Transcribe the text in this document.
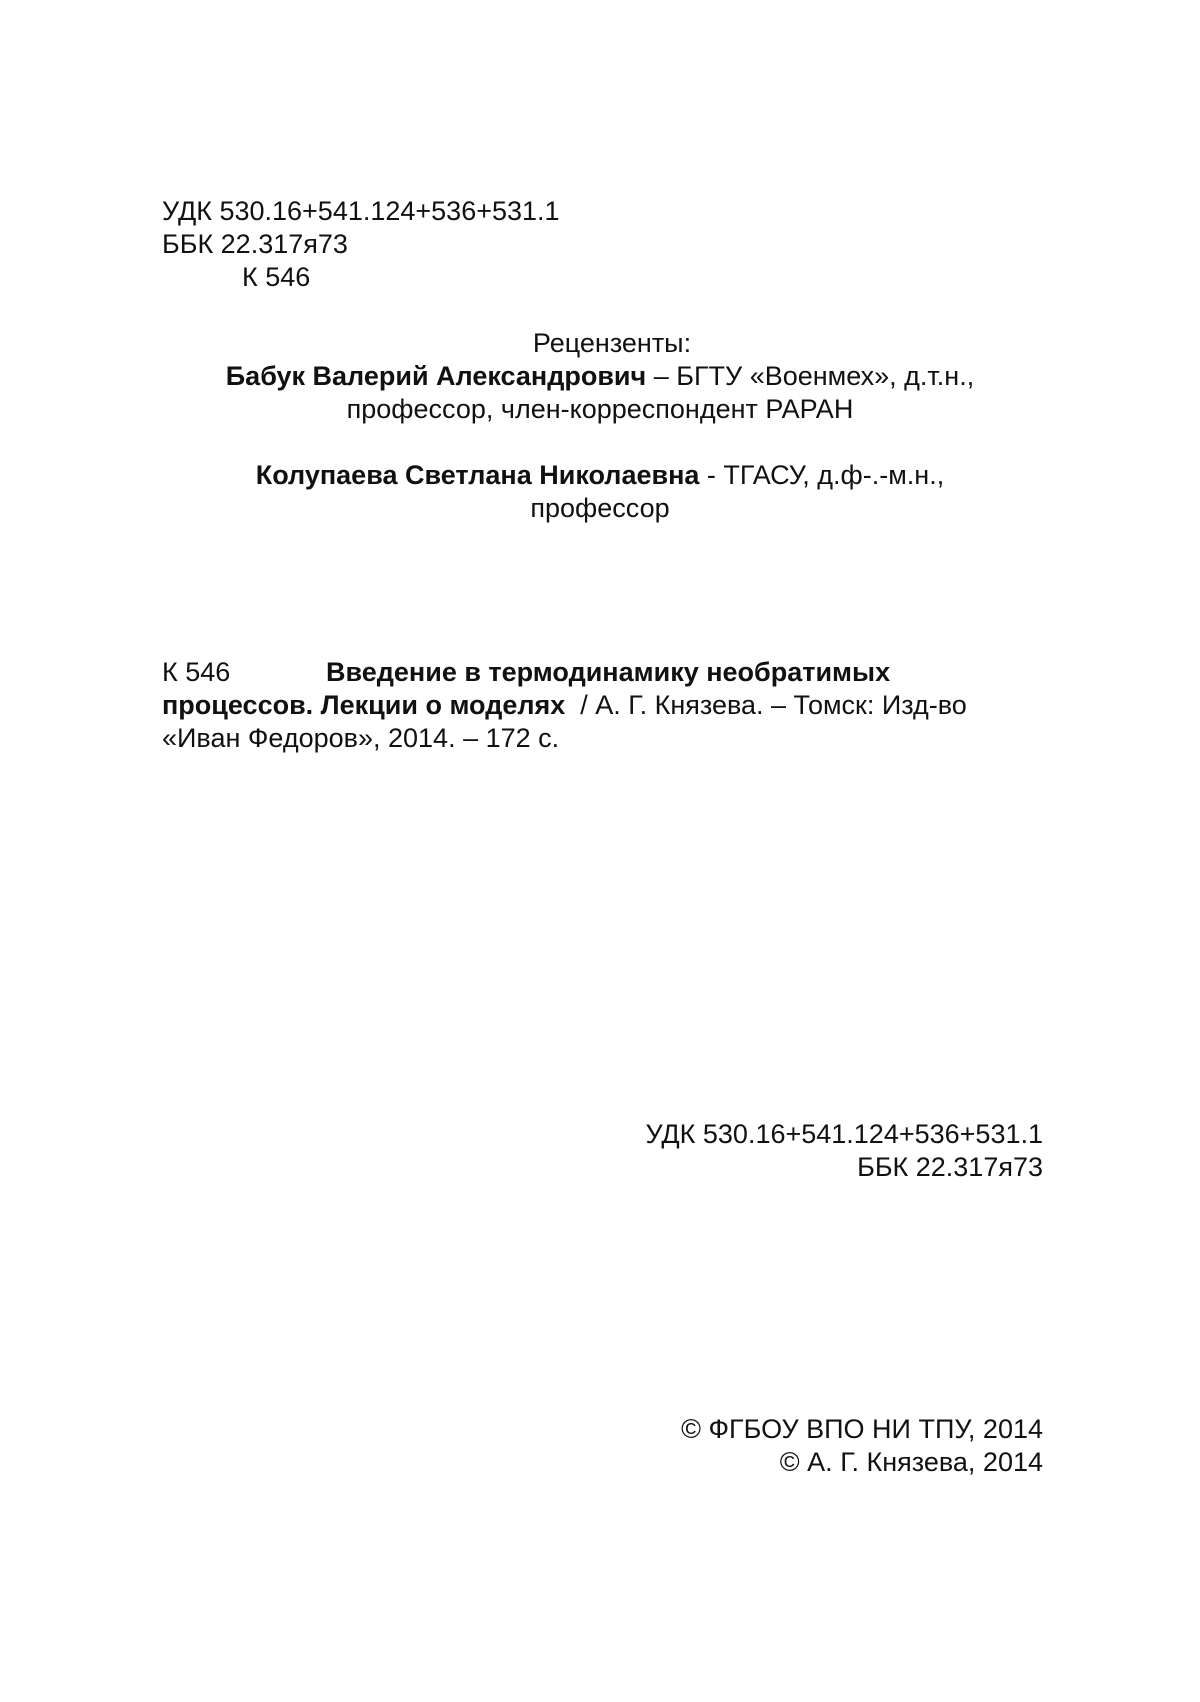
УДК 530.16+541.124+536+531.1
ББК 22.317я73
К 546
Рецензенты:
Бабук Валерий Александрович – БГТУ «Военмех», д.т.н.,
профессор, член-корреспондент РАРАН
Колупаева Светлана Николаевна - ТГАСУ, д.ф-.-м.н.,
профессор
К 546	Введение в термодинамику необратимых
процессов. Лекции о моделях  / А. Г. Князева. – Томск: Изд-во
«Иван Федоров», 2014. – 172 с.
УДК 530.16+541.124+536+531.1
ББК 22.317я73
© ФГБОУ ВПО НИ ТПУ, 2014
© А. Г. Князева, 2014
